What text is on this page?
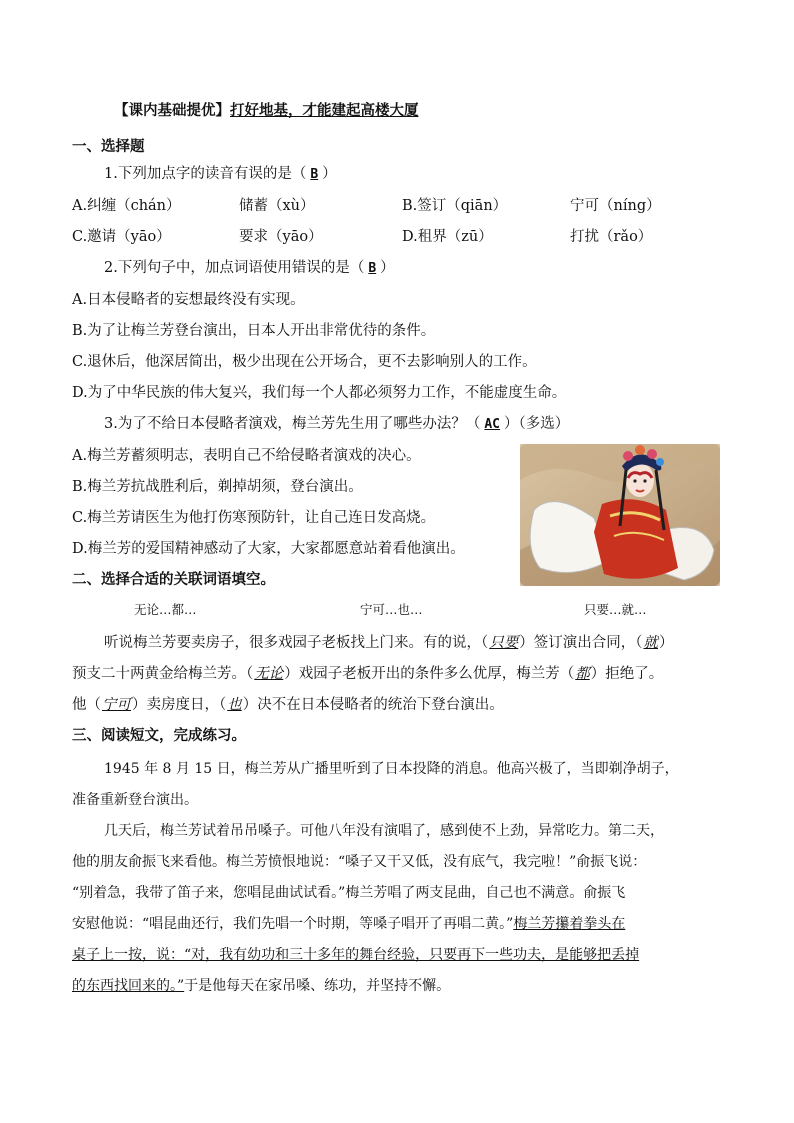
【课内基础提优】打好地基，才能建起高楼大厦
一、选择题
1.下列加点字的读音有误的是（ B ）
A.纠缠（chán）	储蓄（xù）	B.签订（qiān）	宁可（níng）
C.邀请（yāo）	要求（yāo）	D.租界（zū）	打扰（rǎo）
2.下列句子中，加点词语使用错误的是（ B ）
A.日本侵略者的妄想最终没有实现。
B.为了让梅兰芳登台演出，日本人开出非常优待的条件。
C.退休后，他深居简出，极少出现在公开场合，更不去影响别人的工作。
D.为了中华民族的伟大复兴，我们每一个人都必须努力工作，不能虚度生命。
3.为了不给日本侵略者演戏，梅兰芳先生用了哪些办法？（ AC ）（多选）
A.梅兰芳蓄须明志，表明自己不给侵略者演戏的决心。
B.梅兰芳抗战胜利后，剃掉胡须，登台演出。
C.梅兰芳请医生为他打伤寒预防针，让自己连日发高烧。
D.梅兰芳的爱国精神感动了大家，大家都愿意站着看他演出。
二、选择合适的关联词语填空。
无论…都…	宁可…也…	只要…就…
听说梅兰芳要卖房子，很多戏园子老板找上门来。有的说，（只要）签订演出合同，（就）
预支二十两黄金给梅兰芳。（无论）戏园子老板开出的条件多么优厚，梅兰芳（都）拒绝了。
他（宁可）卖房度日，（也）决不在日本侵略者的统治下登台演出。
三、阅读短文，完成练习。
1945 年 8 月 15 日，梅兰芳从广播里听到了日本投降的消息。他高兴极了，当即剃净胡子，
准备重新登台演出。
几天后，梅兰芳试着吊吊嗓子。可他八年没有演唱了，感到使不上劲，异常吃力。第二天，
他的朋友俞振飞来看他。梅兰芳愤恨地说：“嗓子又干又低，没有底气，我完啦！”俞振飞说：
“别着急，我带了笛子来，您唱昆曲试试看。”梅兰芳唱了两支昆曲，自己也不满意。俞振飞
安慰他说：“唱昆曲还行，我们先唱一个时期，等嗓子唱开了再唱二黄。”梅兰芳攥着拳头在
桌子上一按，说：“对，我有幼功和三十多年的舞台经验，只要再下一些功夫，是能够把丢掉
的东西找回来的。”于是他每天在家吊嗓、练功，并坚持不懈。
